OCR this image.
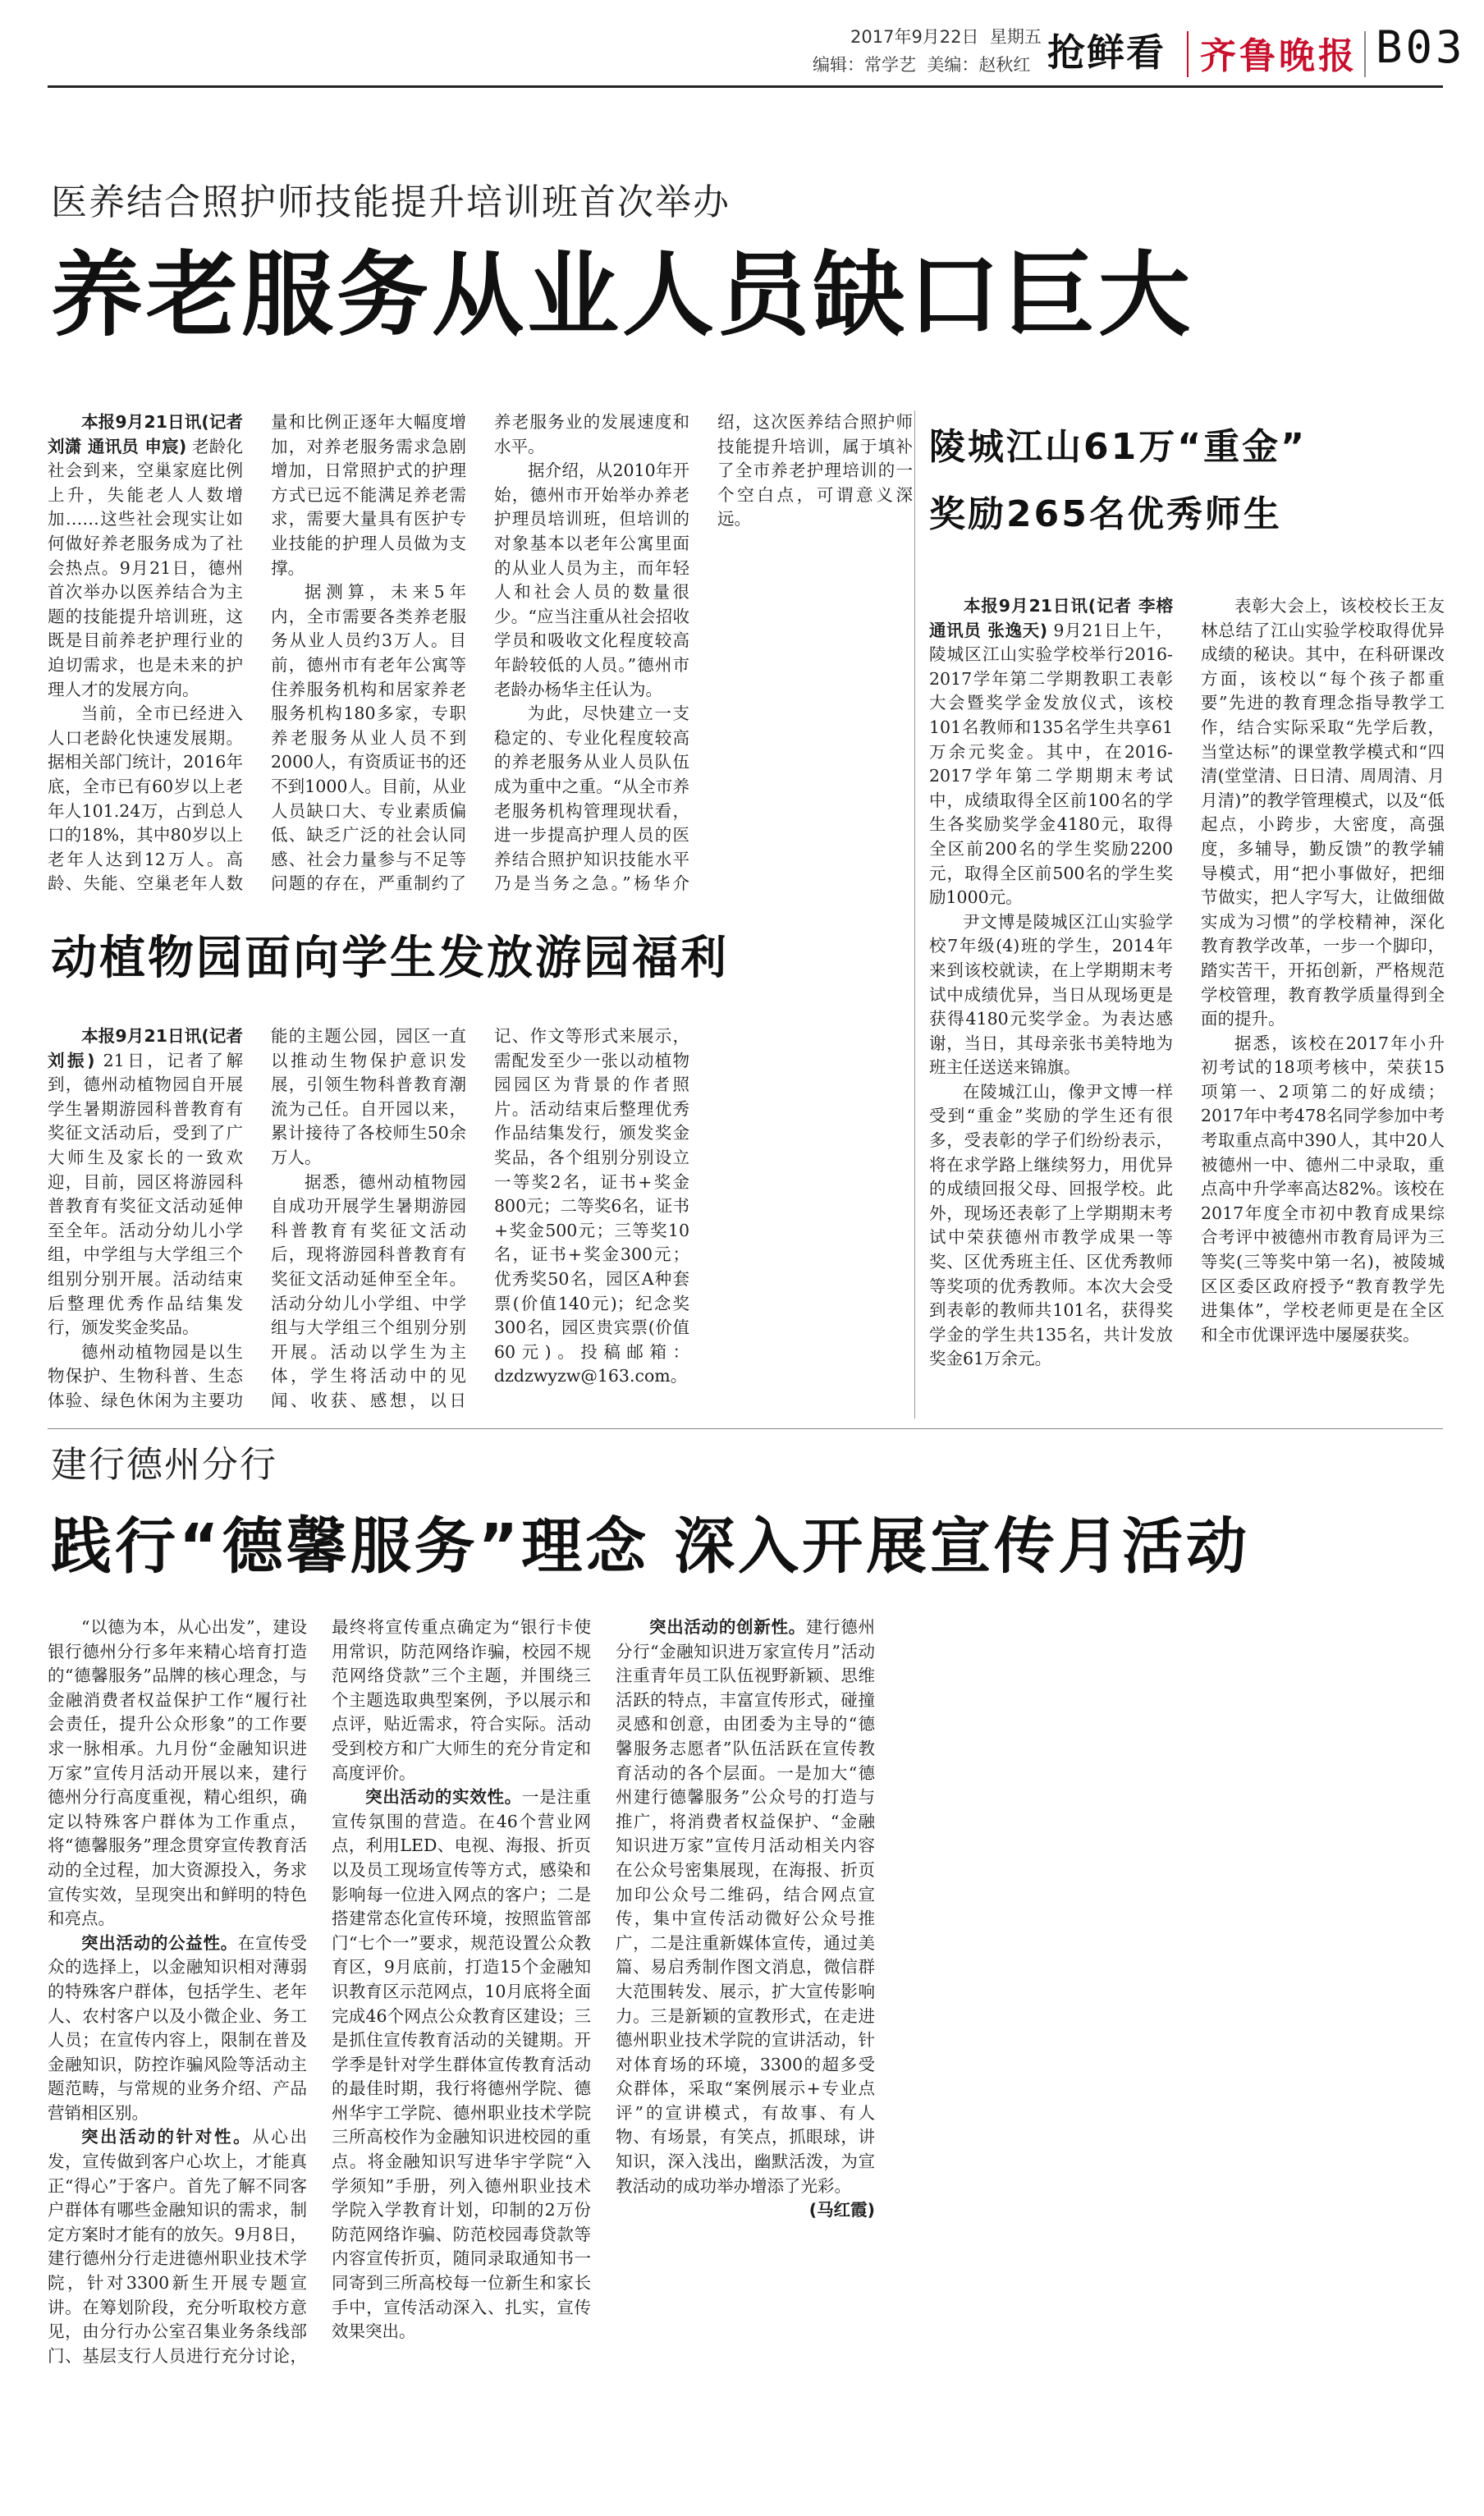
2017年9月22日 星期五
编辑：常学艺 美编：赵秋红 抢鲜看 齐鲁晚报 B03
医养结合照护师技能提升培训班首次举办
养老服务从业人员缺口巨大

  本报9月21日讯(记者 刘潇 通讯员 申宸) 老龄化社会到来，空巢家庭比例上升，失能老人人数增加……这些社会现实让如何做好养老服务成为了社会热点。9月21日，德州首次举办以医养结合为主题的技能提升培训班，这既是目前养老护理行业的迫切需求，也是未来的护理人才的发展方向。

当前，全市已经进入人口老龄化快速发展期。据相关部门统计，2016年底，全市已有60岁以上老年人101.24万，占到总人口的18%，其中80岁以上老年人达到12万人。高龄、失能、空巢老年人数量和比例正逐年大幅度增加，对养老服务需求急剧增加，日常照护式的护理方式已远不能满足养老需求，需要大量具有医护专业技能的护理人员做为支撑。

据测算，未来5年内，全市需要各类养老服务从业人员约3万人。目前，德州市有老年公寓等住养服务机构和居家养老服务机构180多家，专职养老服务从业人员不到2000人，有资质证书的还不到1000人。目前，从业人员缺口大、专业素质偏低、缺乏广泛的社会认同感、社会力量参与不足等问题的存在，严重制约了养老服务业的发展速度和水平。

据介绍，从2010年开始，德州市开始举办养老护理员培训班，但培训的对象基本以老年公寓里面的从业人员为主，而年轻人和社会人员的数量很少。“应当注重从社会招收学员和吸收文化程度较高年龄较低的人员。”德州市老龄办杨华主任认为。

为此，尽快建立一支稳定的、专业化程度较高的养老服务从业人员队伍成为重中之重。“从全市养老服务机构管理现状看，进一步提高护理人员的医养结合照护知识技能水平乃是当务之急。”杨华介绍，这次医养结合照护师技能提升培训，属于填补了全市养老护理培训的一个空白点，可谓意义深远。

动植物园面向学生发放游园福利

  本报9月21日讯(记者 刘振) 21日，记者了解到，德州动植物园自开展学生暑期游园科普教育有奖征文活动后，受到了广大师生及家长的一致欢迎，目前，园区将游园科普教育有奖征文活动延伸至全年。活动分幼儿小学组，中学组与大学组三个组别分别开展。活动结束后整理优秀作品结集发行，颁发奖金奖品。

德州动植物园是以生物保护、生物科普、生态体验、绿色休闲为主要功能的主题公园，园区一直以推动生物保护意识发展，引领生物科普教育潮流为己任。自开园以来，累计接待了各校师生50余万人。

据悉，德州动植物园自成功开展学生暑期游园科普教育有奖征文活动后，现将游园科普教育有奖征文活动延伸至全年。活动分幼儿小学组、中学组与大学组三个组别分别开展。活动以学生为主体，学生将活动中的见闻、收获、感想，以日记、作文等形式来展示，需配发至少一张以动植物园园区为背景的作者照片。活动结束后整理优秀作品结集发行，颁发奖金奖品，各个组别分别设立一等奖2名，证书+奖金800元；二等奖6名，证书+奖金500元；三等奖10名，证书+奖金300元；优秀奖50名，园区A种套票(价值140元)；纪念奖300名，园区贵宾票(价值60元)。投稿邮箱：dzdzwyzw@163.com。

陵城江山61万“重金”
奖励265名优秀师生

  本报9月21日讯(记者 李榕 通讯员 张逸天) 9月21日上午，陵城区江山实验学校举行2016-2017学年第二学期教职工表彰大会暨奖学金发放仪式，该校101名教师和135名学生共享61万余元奖金。其中，在2016-2017学年第二学期期末考试中，成绩取得全区前100名的学生各奖励奖学金4180元，取得全区前200名的学生奖励2200元，取得全区前500名的学生奖励1000元。

尹文博是陵城区江山实验学校7年级(4)班的学生，2014年来到该校就读，在上学期期末考试中成绩优异，当日从现场更是获得4180元奖学金。为表达感谢，当日，其母亲张书美特地为班主任送送来锦旗。

在陵城江山，像尹文博一样受到“重金”奖励的学生还有很多，受表彰的学子们纷纷表示，将在求学路上继续努力，用优异的成绩回报父母、回报学校。此外，现场还表彰了上学期期末考试中荣获德州市教学成果一等奖、区优秀班主任、区优秀教师等奖项的优秀教师。本次大会受到表彰的教师共101名，获得奖学金的学生共135名，共计发放奖金61万余元。

表彰大会上，该校校长王友林总结了江山实验学校取得优异成绩的秘诀。其中，在科研课改方面，该校以“每个孩子都重要”先进的教育理念指导教学工作，结合实际采取“先学后教，当堂达标”的课堂教学模式和“四清(堂堂清、日日清、周周清、月月清)”的教学管理模式，以及“低起点，小跨步，大密度，高强度，多辅导，勤反馈”的教学辅导模式，用“把小事做好，把细节做实，把人字写大，让做细做实成为习惯”的学校精神，深化教育教学改革，一步一个脚印，踏实苦干，开拓创新，严格规范学校管理，教育教学质量得到全面的提升。

据悉，该校在2017年小升初考试的18项考核中，荣获15项第一、2项第二的好成绩；2017年中考478名同学参加中考考取重点高中390人，其中20人被德州一中、德州二中录取，重点高中升学率高达82%。该校在2017年度全市初中教育成果综合考评中被德州市教育局评为三等奖(三等奖中第一名)，被陵城区区委区政府授予“教育教学先进集体”，学校老师更是在全区和全市优课评选中屡屡获奖。

建行德州分行
践行“德馨服务”理念 深入开展宣传月活动

“以德为本，从心出发”，建设银行德州分行多年来精心培育打造的“德馨服务”品牌的核心理念，与金融消费者权益保护工作“履行社会责任，提升公众形象”的工作要求一脉相承。九月份“金融知识进万家”宣传月活动开展以来，建行德州分行高度重视，精心组织，确定以特殊客户群体为工作重点，将“德馨服务”理念贯穿宣传教育活动的全过程，加大资源投入，务求宣传实效，呈现突出和鲜明的特色和亮点。

突出活动的公益性。在宣传受众的选择上，以金融知识相对薄弱的特殊客户群体，包括学生、老年人、农村客户以及小微企业、务工人员；在宣传内容上，限制在普及金融知识，防控诈骗风险等活动主题范畴，与常规的业务介绍、产品营销相区别。

突出活动的针对性。从心出发，宣传做到客户心坎上，才能真正“得心”于客户。首先了解不同客户群体有哪些金融知识的需求，制定方案时才能有的放矢。9月8日，建行德州分行走进德州职业技术学院，针对3300新生开展专题宣讲。在筹划阶段，充分听取校方意见，由分行办公室召集业务条线部门、基层支行人员进行充分讨论，最终将宣传重点确定为“银行卡使用常识，防范网络诈骗，校园不规范网络贷款”三个主题，并围绕三个主题选取典型案例，予以展示和点评，贴近需求，符合实际。活动受到校方和广大师生的充分肯定和高度评价。

突出活动的实效性。一是注重宣传氛围的营造。在46个营业网点，利用LED、电视、海报、折页以及员工现场宣传等方式，感染和影响每一位进入网点的客户；二是搭建常态化宣传环境，按照监管部门“七个一”要求，规范设置公众教育区，9月底前，打造15个金融知识教育区示范网点，10月底将全面完成46个网点公众教育区建设；三是抓住宣传教育活动的关键期。开学季是针对学生群体宣传教育活动的最佳时期，我行将德州学院、德州华宇工学院、德州职业技术学院三所高校作为金融知识进校园的重点。将金融知识写进华宇学院“入学须知”手册，列入德州职业技术学院入学教育计划，印制的2万份防范网络诈骗、防范校园毒贷款等内容宣传折页，随同录取通知书一同寄到三所高校每一位新生和家长手中，宣传活动深入、扎实，宣传效果突出。

突出活动的创新性。建行德州分行“金融知识进万家宣传月”活动注重青年员工队伍视野新颖、思维活跃的特点，丰富宣传形式，碰撞灵感和创意，由团委为主导的“德馨服务志愿者”队伍活跃在宣传教育活动的各个层面。一是加大“德州建行德馨服务”公众号的打造与推广，将消费者权益保护、“金融知识进万家”宣传月活动相关内容在公众号密集展现，在海报、折页加印公众号二维码，结合网点宣传，集中宣传活动微好公众号推广，二是注重新媒体宣传，通过美篇、易启秀制作图文消息，微信群大范围转发、展示，扩大宣传影响力。三是新颖的宣教形式，在走进德州职业技术学院的宣讲活动，针对体育场的环境，3300的超多受众群体，采取“案例展示+专业点评”的宣讲模式，有故事、有人物、有场景，有笑点，抓眼球，讲知识，深入浅出，幽默活泼，为宣教活动的成功举办增添了光彩。
(马红霞)
